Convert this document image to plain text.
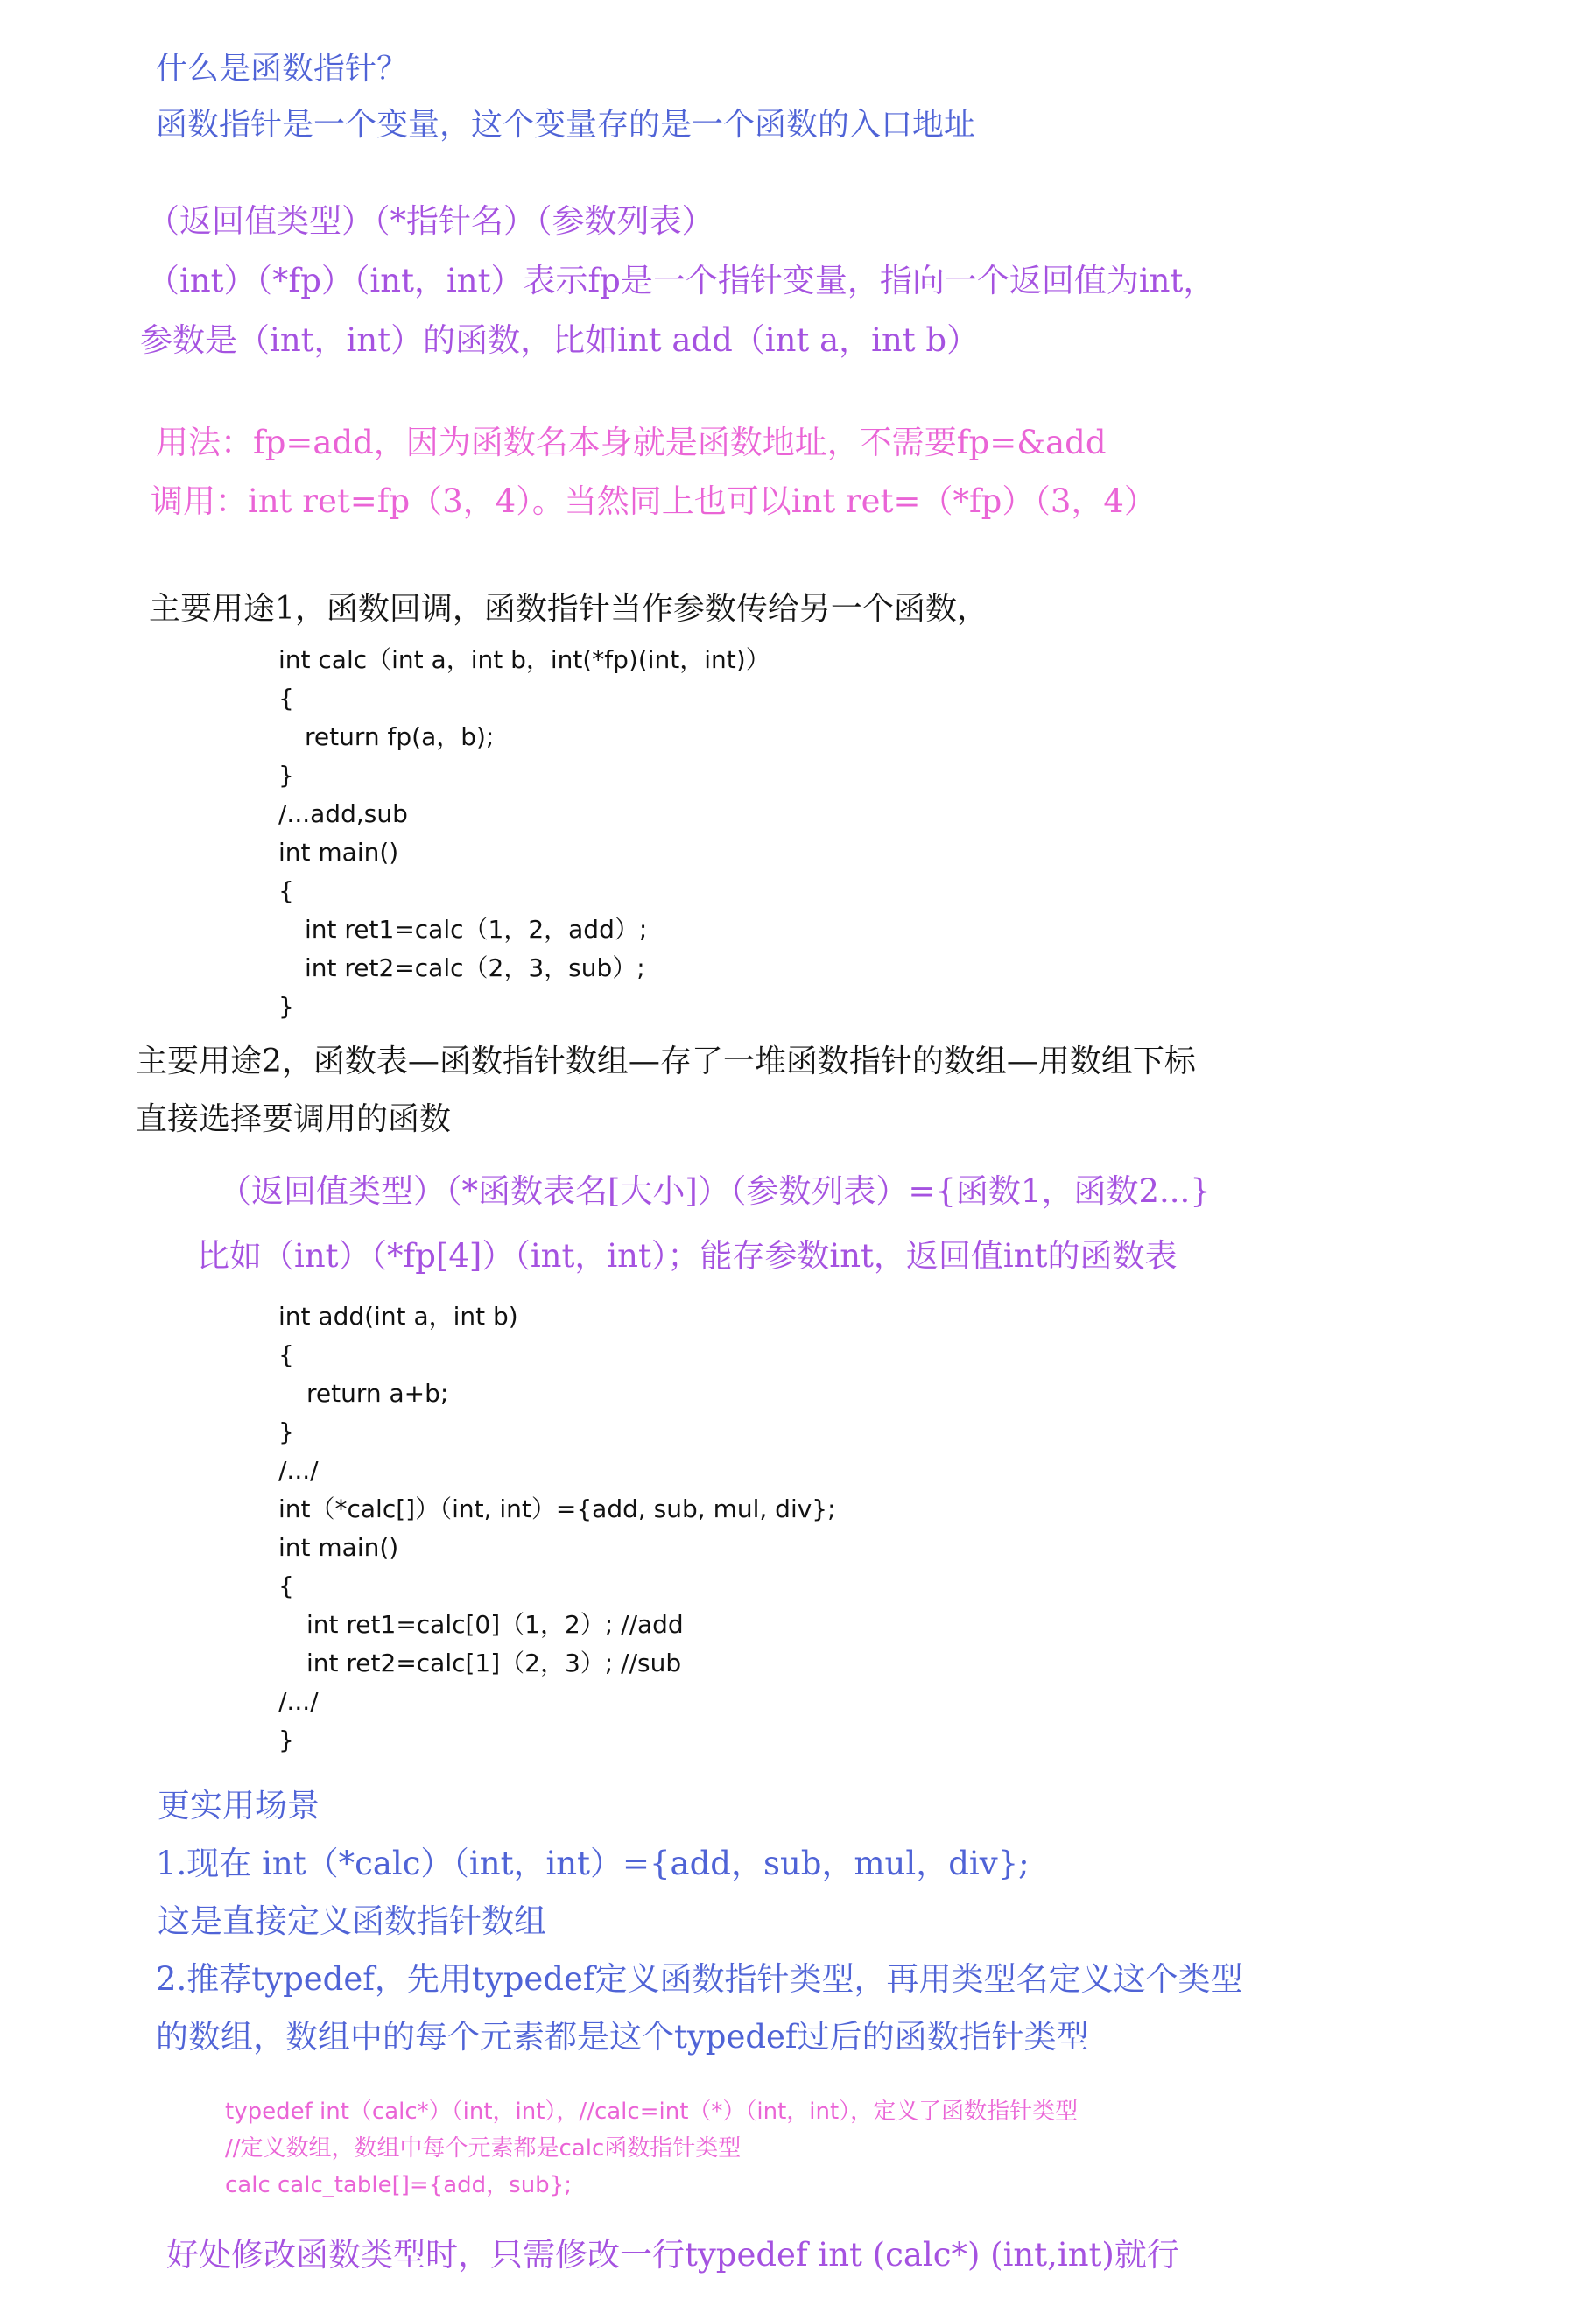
什么是函数指针？
函数指针是一个变量，这个变量存的是一个函数的入口地址
（返回值类型）（*指针名）（参数列表）
（int）（*fp）（int，int）表示fp是一个指针变量，指向一个返回值为int，
参数是（int，int）的函数，比如int add（int a，int b）
用法：fp=add，因为函数名本身就是函数地址，不需要fp=&add
调用：int ret=fp（3，4）。当然同上也可以int ret=（*fp）（3，4）
主要用途1，函数回调，函数指针当作参数传给另一个函数，
int calc（int a，int b，int(*fp)(int，int)）
{
return fp(a，b);
}
/...add,sub
int main()
{
int ret1=calc（1，2，add）;
int ret2=calc（2，3，sub）;
}
主要用途2，函数表—函数指针数组—存了一堆函数指针的数组—用数组下标
直接选择要调用的函数
（返回值类型）（*函数表名[大小]）（参数列表）={函数1，函数2...}
比如（int）（*fp[4]）（int，int）；能存参数int，返回值int的函数表
int add(int a，int b)
{
return a+b;
}
/.../
int（*calc[]）（int, int）={add, sub, mul, div};
int main()
{
int ret1=calc[0]（1，2）; //add
int ret2=calc[1]（2，3）; //sub
/.../
}
更实用场景
1.现在 int（*calc）（int，int）={add，sub，mul，div};
这是直接定义函数指针数组
2.推荐typedef，先用typedef定义函数指针类型，再用类型名定义这个类型
的数组，数组中的每个元素都是这个typedef过后的函数指针类型
typedef int（calc*）（int，int），//calc=int（*）（int，int），定义了函数指针类型
//定义数组，数组中每个元素都是calc函数指针类型
calc calc_table[]={add，sub};
好处修改函数类型时，只需修改一行typedef int (calc*) (int,int)就行
